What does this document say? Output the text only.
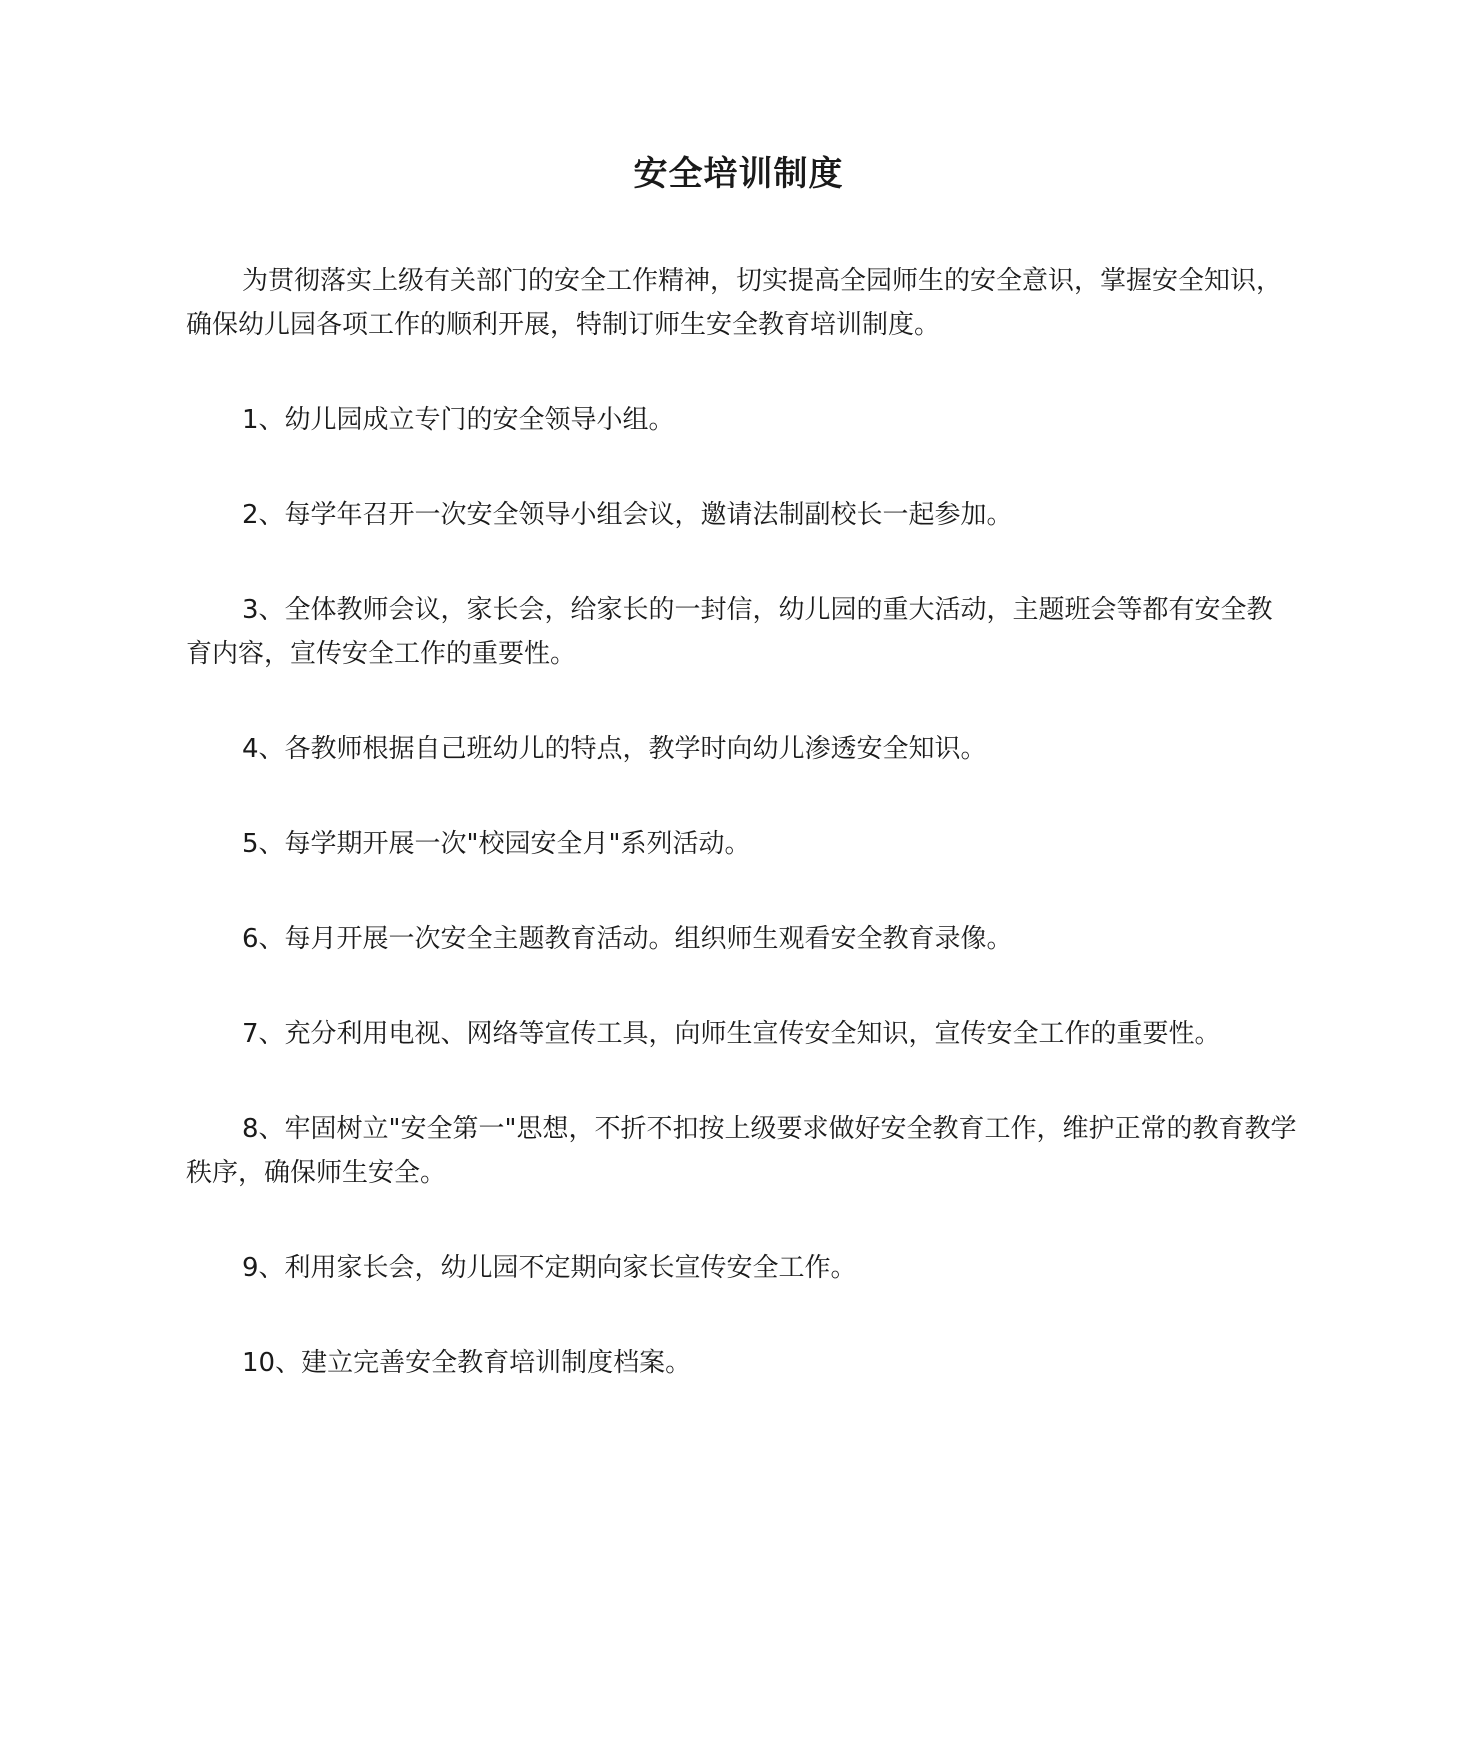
安全培训制度

为贯彻落实上级有关部门的安全工作精神，切实提高全园师生的安全意识，掌握安全知识，确保幼儿园各项工作的顺利开展，特制订师生安全教育培训制度。

1、幼儿园成立专门的安全领导小组。

2、每学年召开一次安全领导小组会议，邀请法制副校长一起参加。

3、全体教师会议，家长会，给家长的一封信，幼儿园的重大活动，主题班会等都有安全教育内容，宣传安全工作的重要性。

4、各教师根据自己班幼儿的特点，教学时向幼儿渗透安全知识。

5、每学期开展一次"校园安全月"系列活动。

6、每月开展一次安全主题教育活动。组织师生观看安全教育录像。

7、充分利用电视、网络等宣传工具，向师生宣传安全知识，宣传安全工作的重要性。

8、牢固树立"安全第一"思想，不折不扣按上级要求做好安全教育工作，维护正常的教育教学秩序，确保师生安全。

9、利用家长会，幼儿园不定期向家长宣传安全工作。

10、建立完善安全教育培训制度档案。
